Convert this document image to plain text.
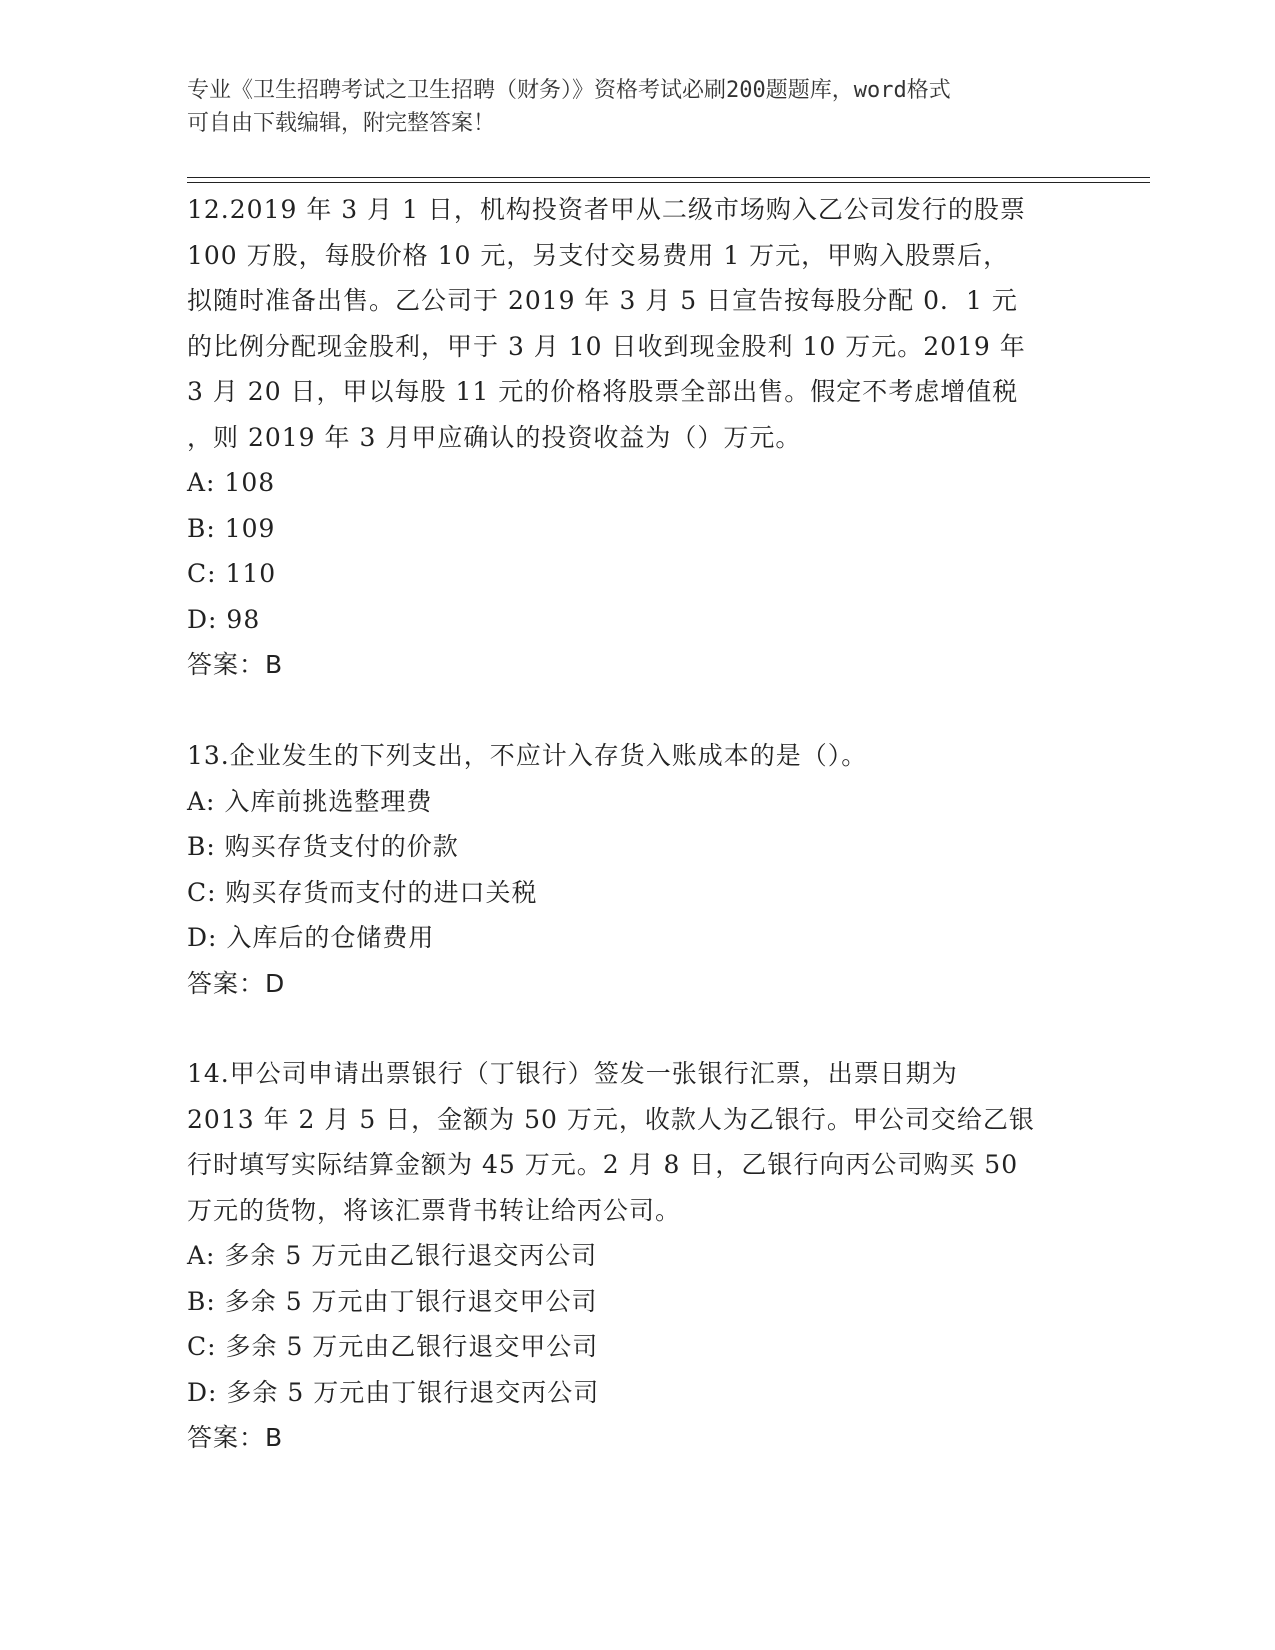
专业《卫生招聘考试之卫生招聘（财务）》资格考试必刷200题题库，word格式
可自由下载编辑，附完整答案！
12.2019 年 3 月 1 日，机构投资者甲从二级市场购入乙公司发行的股票
100 万股，每股价格 10 元，另支付交易费用 1 万元，甲购入股票后，
拟随时准备出售。乙公司于 2019 年 3 月 5 日宣告按每股分配 0．1 元
的比例分配现金股利，甲于 3 月 10 日收到现金股利 10 万元。2019 年
3 月 20 日，甲以每股 11 元的价格将股票全部出售。假定不考虑增值税
，则 2019 年 3 月甲应确认的投资收益为（）万元。
A: 108
B: 109
C: 110
D: 98
答案：B
13.企业发生的下列支出，不应计入存货入账成本的是（）。
A: 入库前挑选整理费
B: 购买存货支付的价款
C: 购买存货而支付的进口关税
D: 入库后的仓储费用
答案：D
14.甲公司申请出票银行（丁银行）签发一张银行汇票，出票日期为
2013 年 2 月 5 日，金额为 50 万元，收款人为乙银行。甲公司交给乙银
行时填写实际结算金额为 45 万元。2 月 8 日，乙银行向丙公司购买 50
万元的货物，将该汇票背书转让给丙公司。
A: 多余 5 万元由乙银行退交丙公司
B: 多余 5 万元由丁银行退交甲公司
C: 多余 5 万元由乙银行退交甲公司
D: 多余 5 万元由丁银行退交丙公司
答案：B
